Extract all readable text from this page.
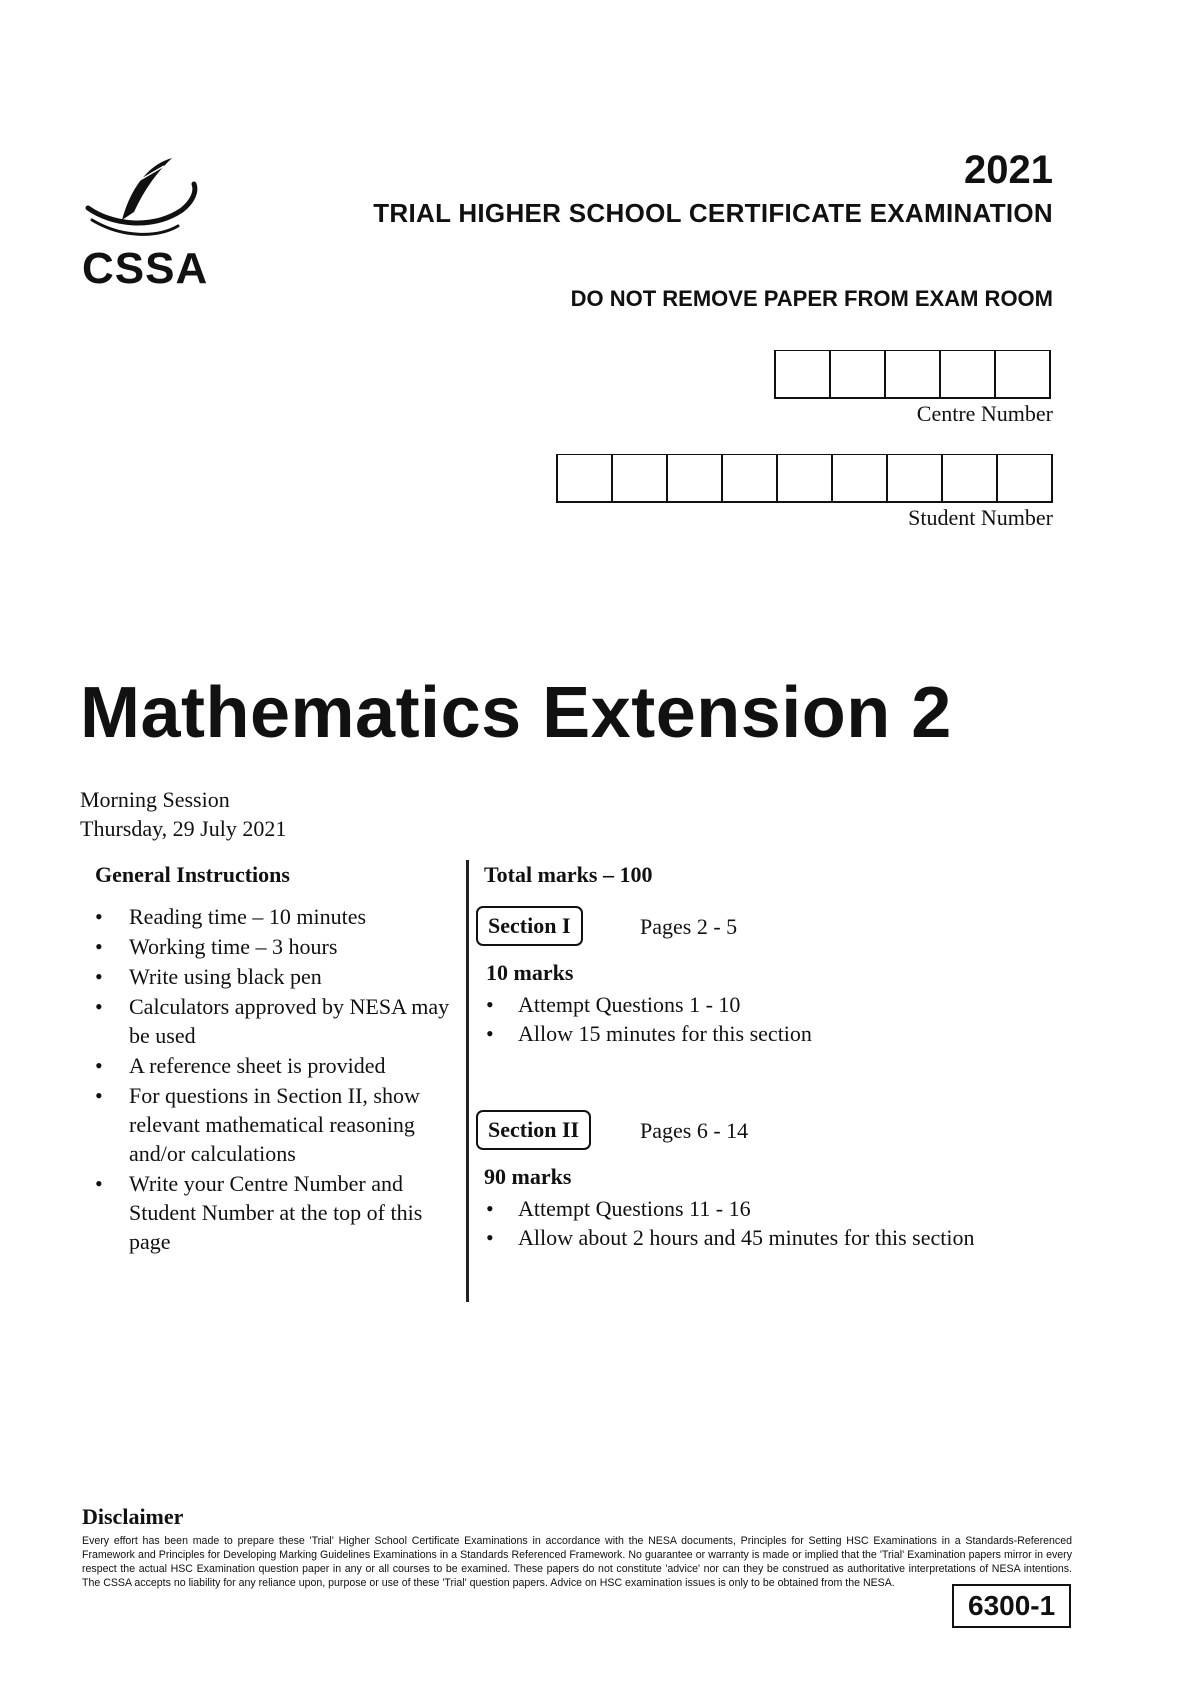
CSSA
2021
TRIAL HIGHER SCHOOL CERTIFICATE EXAMINATION
DO NOT REMOVE PAPER FROM EXAM ROOM
Centre Number
Student Number
Mathematics Extension 2
Morning Session
Thursday, 29 July 2021
General Instructions
• Reading time – 10 minutes
• Working time – 3 hours
• Write using black pen
• Calculators approved by NESA may be used
• A reference sheet is provided
• For questions in Section II, show relevant mathematical reasoning and/or calculations
• Write your Centre Number and Student Number at the top of this page
Total marks – 100
Section I	Pages 2 - 5
10 marks
• Attempt Questions 1 - 10
• Allow 15 minutes for this section
Section II	Pages 6 - 14
90 marks
• Attempt Questions 11 - 16
• Allow about 2 hours and 45 minutes for this section
Disclaimer
Every effort has been made to prepare these 'Trial' Higher School Certificate Examinations in accordance with the NESA documents, Principles for Setting HSC Examinations in a Standards-Referenced Framework and Principles for Developing Marking Guidelines Examinations in a Standards Referenced Framework. No guarantee or warranty is made or implied that the 'Trial' Examination papers mirror in every respect the actual HSC Examination question paper in any or all courses to be examined. These papers do not constitute 'advice' nor can they be construed as authoritative interpretations of NESA intentions. The CSSA accepts no liability for any reliance upon, purpose or use of these 'Trial' question papers. Advice on HSC examination issues is only to be obtained from the NESA.
6300-1
